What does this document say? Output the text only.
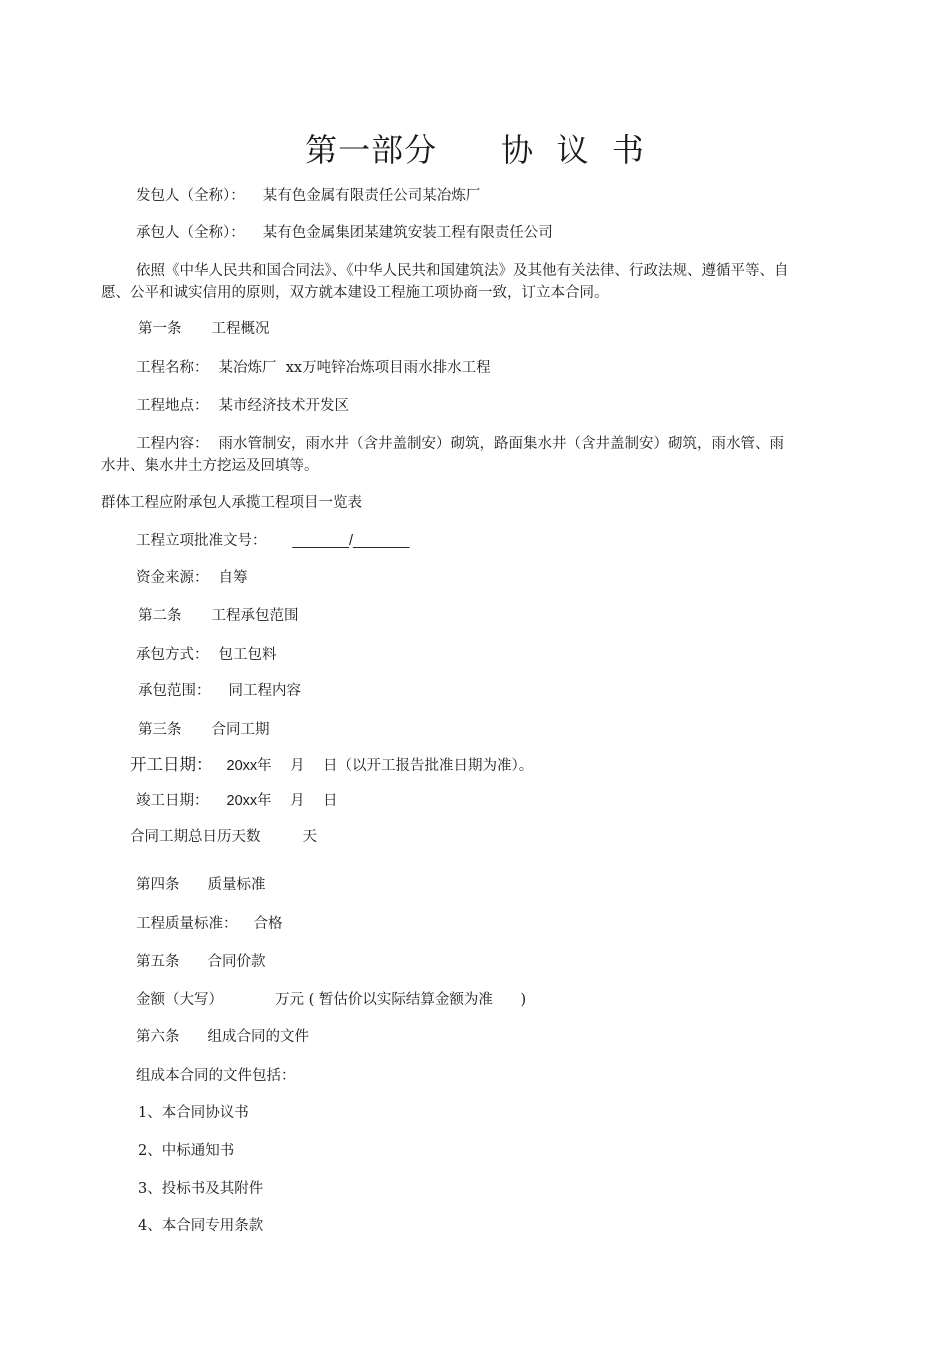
第一部分 协  议  书
发包人（全称）： 某有色金属有限责任公司某冶炼厂
承包人（全称）： 某有色金属集团某建筑安装工程有限责任公司
依照《中华人民共和国合同法》、《中华人民共和国建筑法》及其他有关法律、行政法规、遵循平等、自愿、公平和诚实信用的原则，双方就本建设工程施工项协商一致，订立本合同。
第一条 工程概况
工程名称： 某冶炼厂  xx万吨锌冶炼项目雨水排水工程
工程地点： 某市经济技术开发区
工程内容： 雨水管制安，雨水井（含井盖制安）砌筑，路面集水井（含井盖制安）砌筑，雨水管、雨水井、集水井土方挖运及回填等。
群体工程应附承包人承揽工程项目一览表
工程立项批准文号： _______/_______
资金来源： 自筹
第二条 工程承包范围
承包方式： 包工包料
承包范围： 同工程内容
第三条 合同工期
开工日期： 20xx年    月    日（以开工报告批准日期为准）。
竣工日期： 20xx年    月    日
合同工期总日历天数	天
第四条 质量标准
工程质量标准： 合格
第五条 合同价款
金额（大写）	万元 ( 暂估价以实际结算金额为准      )
第六条 组成合同的文件
组成本合同的文件包括：
1、本合同协议书
2、中标通知书
3、投标书及其附件
4、本合同专用条款
